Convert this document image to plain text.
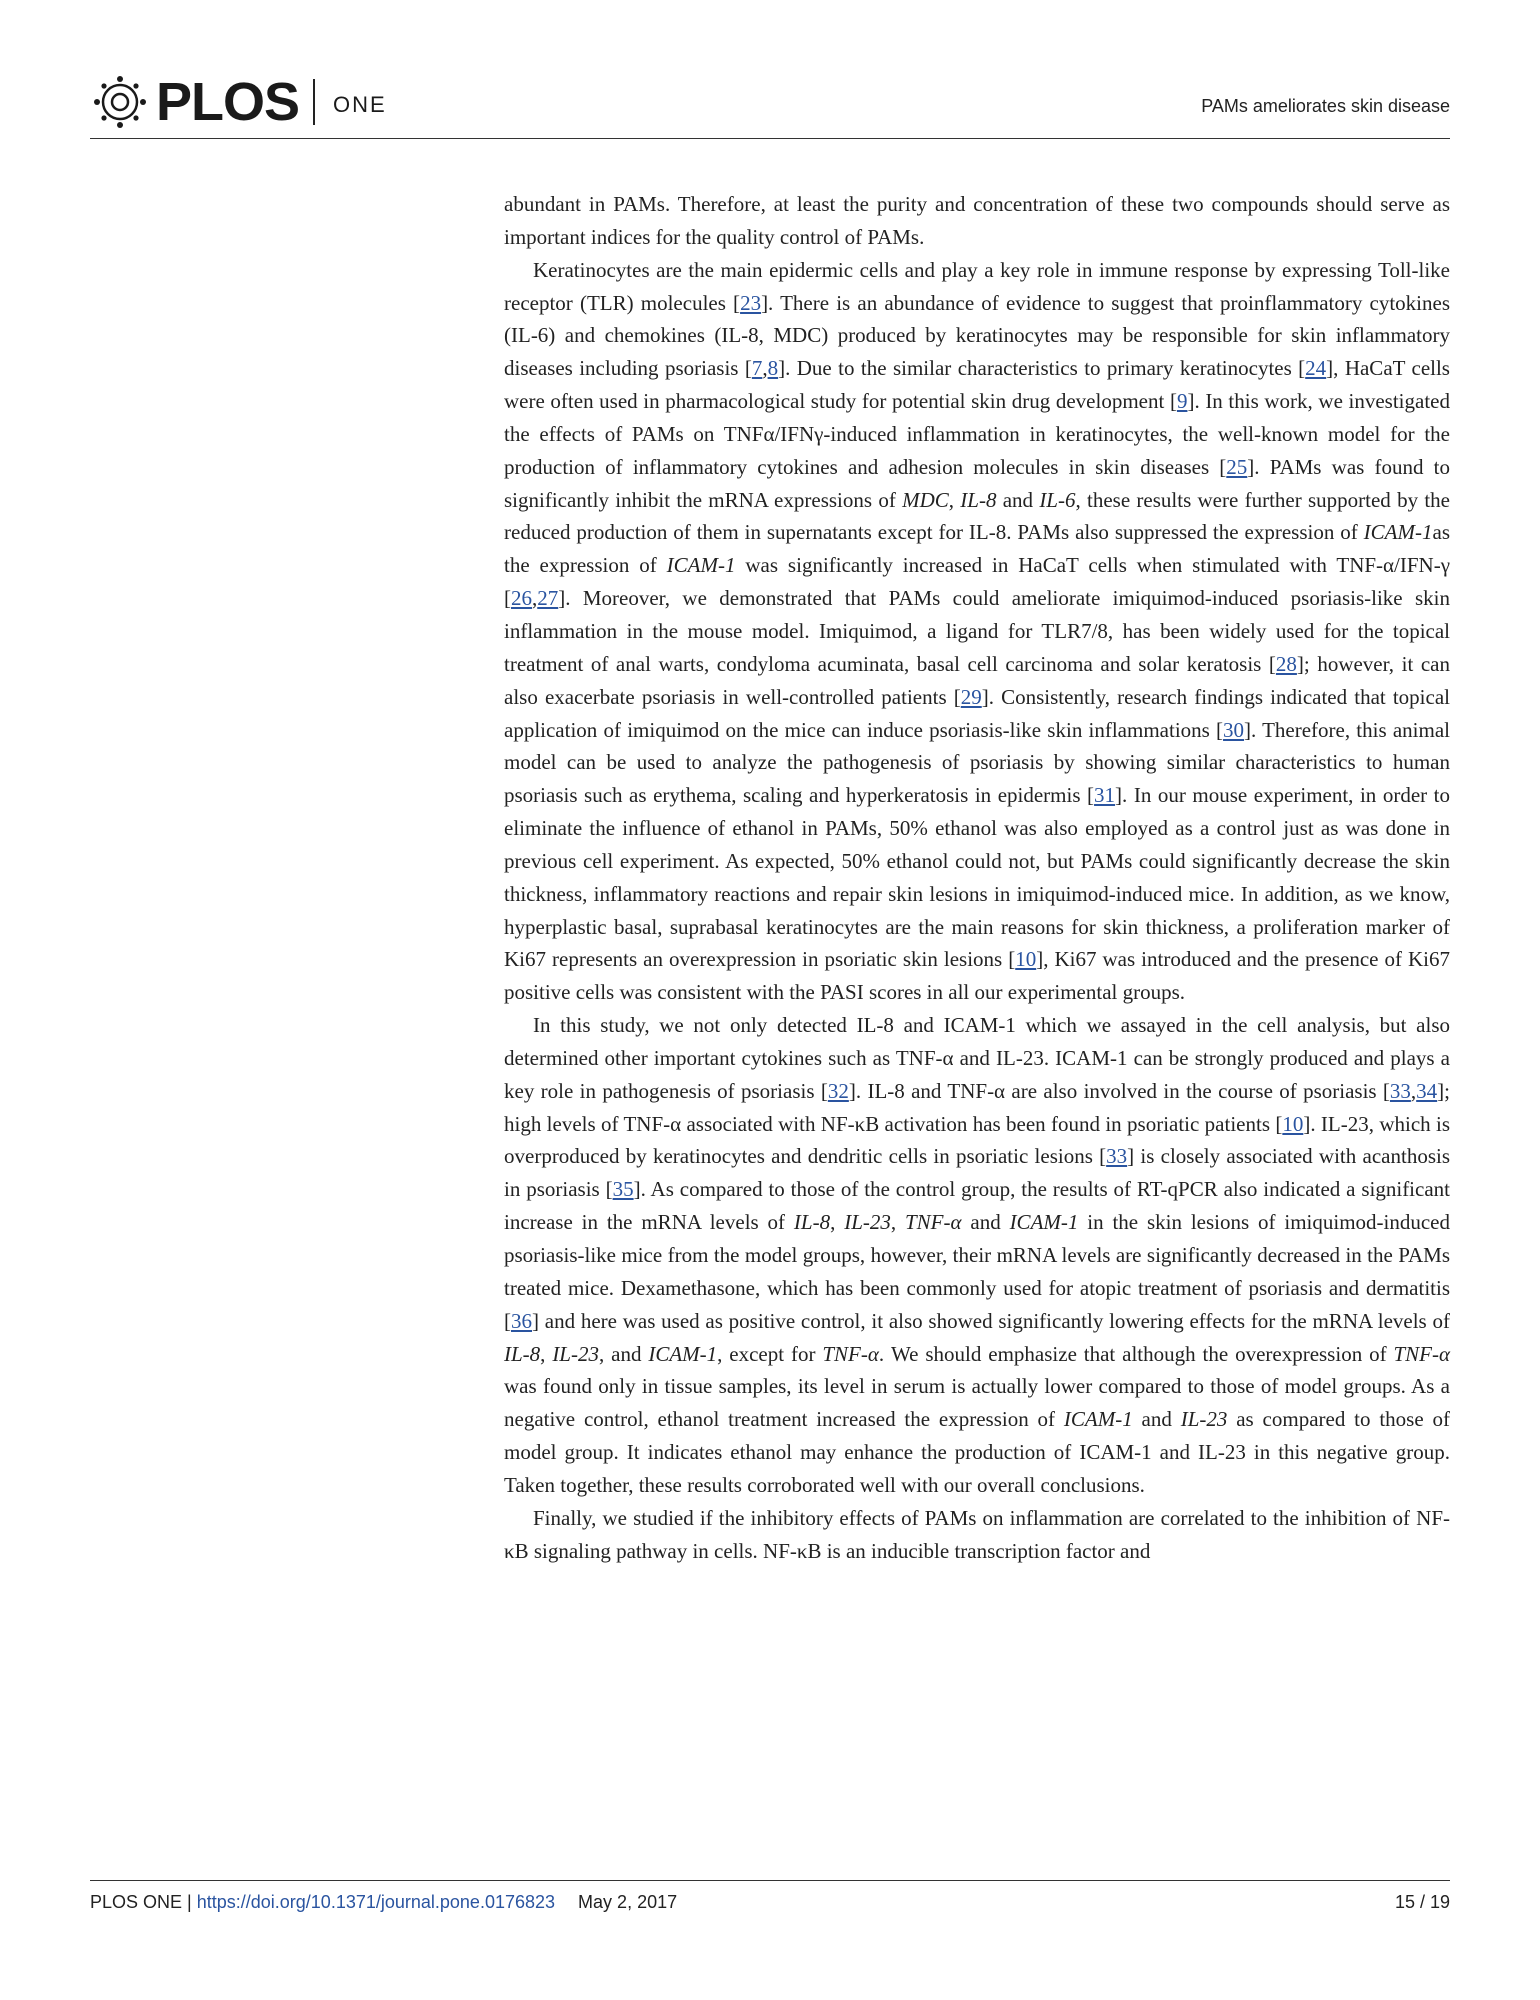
PLOS ONE	PAMs ameliorates skin disease

abundant in PAMs. Therefore, at least the purity and concentration of these two compounds should serve as important indices for the quality control of PAMs.

Keratinocytes are the main epidermic cells and play a key role in immune response by expressing Toll-like receptor (TLR) molecules [23]. There is an abundance of evidence to suggest that proinflammatory cytokines (IL-6) and chemokines (IL-8, MDC) produced by keratinocytes may be responsible for skin inflammatory diseases including psoriasis [7,8]. Due to the similar characteristics to primary keratinocytes [24], HaCaT cells were often used in pharmacological study for potential skin drug development [9]. In this work, we investigated the effects of PAMs on TNFα/IFNγ-induced inflammation in keratinocytes, the well-known model for the production of inflammatory cytokines and adhesion molecules in skin diseases [25]. PAMs was found to significantly inhibit the mRNA expressions of MDC, IL-8 and IL-6, these results were further supported by the reduced production of them in supernatants except for IL-8. PAMs also suppressed the expression of ICAM-1as the expression of ICAM-1 was significantly increased in HaCaT cells when stimulated with TNF-α/IFN-γ [26,27]. Moreover, we demonstrated that PAMs could ameliorate imiquimod-induced psoriasis-like skin inflammation in the mouse model. Imiquimod, a ligand for TLR7/8, has been widely used for the topical treatment of anal warts, condyloma acuminata, basal cell carcinoma and solar keratosis [28]; however, it can also exacerbate psoriasis in well-controlled patients [29]. Consistently, research findings indicated that topical application of imiquimod on the mice can induce psoriasis-like skin inflammations [30]. Therefore, this animal model can be used to analyze the pathogenesis of psoriasis by showing similar characteristics to human psoriasis such as erythema, scaling and hyperkeratosis in epidermis [31]. In our mouse experiment, in order to eliminate the influence of ethanol in PAMs, 50% ethanol was also employed as a control just as was done in previous cell experiment. As expected, 50% ethanol could not, but PAMs could significantly decrease the skin thickness, inflammatory reactions and repair skin lesions in imiquimod-induced mice. In addition, as we know, hyperplastic basal, suprabasal keratinocytes are the main reasons for skin thickness, a proliferation marker of Ki67 represents an overexpression in psoriatic skin lesions [10], Ki67 was introduced and the presence of Ki67 positive cells was consistent with the PASI scores in all our experimental groups.

In this study, we not only detected IL-8 and ICAM-1 which we assayed in the cell analysis, but also determined other important cytokines such as TNF-α and IL-23. ICAM-1 can be strongly produced and plays a key role in pathogenesis of psoriasis [32]. IL-8 and TNF-α are also involved in the course of psoriasis [33,34]; high levels of TNF-α associated with NF-κB activation has been found in psoriatic patients [10]. IL-23, which is overproduced by keratinocytes and dendritic cells in psoriatic lesions [33] is closely associated with acanthosis in psoriasis [35]. As compared to those of the control group, the results of RT-qPCR also indicated a significant increase in the mRNA levels of IL-8, IL-23, TNF-α and ICAM-1 in the skin lesions of imiquimod-induced psoriasis-like mice from the model groups, however, their mRNA levels are significantly decreased in the PAMs treated mice. Dexamethasone, which has been commonly used for atopic treatment of psoriasis and dermatitis [36] and here was used as positive control, it also showed significantly lowering effects for the mRNA levels of IL-8, IL-23, and ICAM-1, except for TNF-α. We should emphasize that although the overexpression of TNF-α was found only in tissue samples, its level in serum is actually lower compared to those of model groups. As a negative control, ethanol treatment increased the expression of ICAM-1 and IL-23 as compared to those of model group. It indicates ethanol may enhance the production of ICAM-1 and IL-23 in this negative group. Taken together, these results corroborated well with our overall conclusions.

Finally, we studied if the inhibitory effects of PAMs on inflammation are correlated to the inhibition of NF-κB signaling pathway in cells. NF-κB is an inducible transcription factor and

PLOS ONE | https://doi.org/10.1371/journal.pone.0176823 May 2, 2017	15 / 19
